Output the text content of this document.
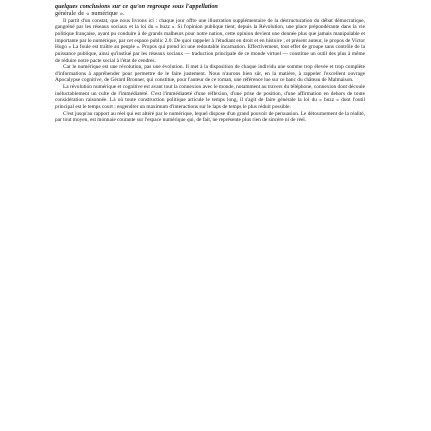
quelques conclusions sur ce qu'on regroupe sous l'appellation
générale de « numérique ».

Il partit d'un constat, que nous livrons ici : chaque jour offre une illustration supplémentaire de la déstructuration du débat démocratique, gangréné par les réseaux sociaux et la loi du « buzz ». Si l'opinion publique tient, depuis la Révolution, une place prépondérante dans la vie politique française, ayant pu conduire à de grands malheurs pour notre nation, cette opinion devient une donnée plus que jamais manipulable et importante par le numérique, par cet espace public 2.0. De quoi rappeler à l'étudiant en droit et en histoire ; et présent auteur, le propos de Victor Hugo « La foule est traître au peuple ». Propos qui prend ici une redoutable incarnation. Effectivement, tout effet de groupe sans contrôle de la puissance publique, ainsi qu'instiué par les réseaux sociaux — traduction principale de ce monde virtuel — constitue un outil des plus à même de réduire notre pacte social à l'état de cendres.

Car le numérique est une révolution, pas une évolution. Il met à la disposition de chaque individu une somme trop élevée et trop complète d'informations à appréhender pour permettre de le faire justement. Nous n'aurons bien sûr, en la matière, à rappeler l'excellent ouvrage Apocalypse cognitive, de Gérard Bronner, qui constitue, pour l'auteur de ce roman, une référence lue sur ce banc du château de Malmaison.

La révolution numérique et cognitive est avant tout la connexion avec le monde, notamment au travers du téléphone, connexion dont découle inéluctablement un culte de l'immédiateté. C'est l'immédiateté d'une réflexion, d'une prise de position, d'une affirmation en dehors de toute considération raisonnée. Là où toute construction politique articule le temps long, il s'agit de faire générale la loi du « buzz » dont l'outil principal est le temps court : engendrer un maximum d'interactions sur le laps de temps le plus réduit possible.

C'est jusqu'au rapport au réel qui est altéré par le numérique, lequel dispose d'un grand pouvoir de persuasion. Le détournement de la réalité, par tout moyen, est monnaie courante sur l'espace numérique qui, de fait, ne représente plus rien de sincère ni de réel.
